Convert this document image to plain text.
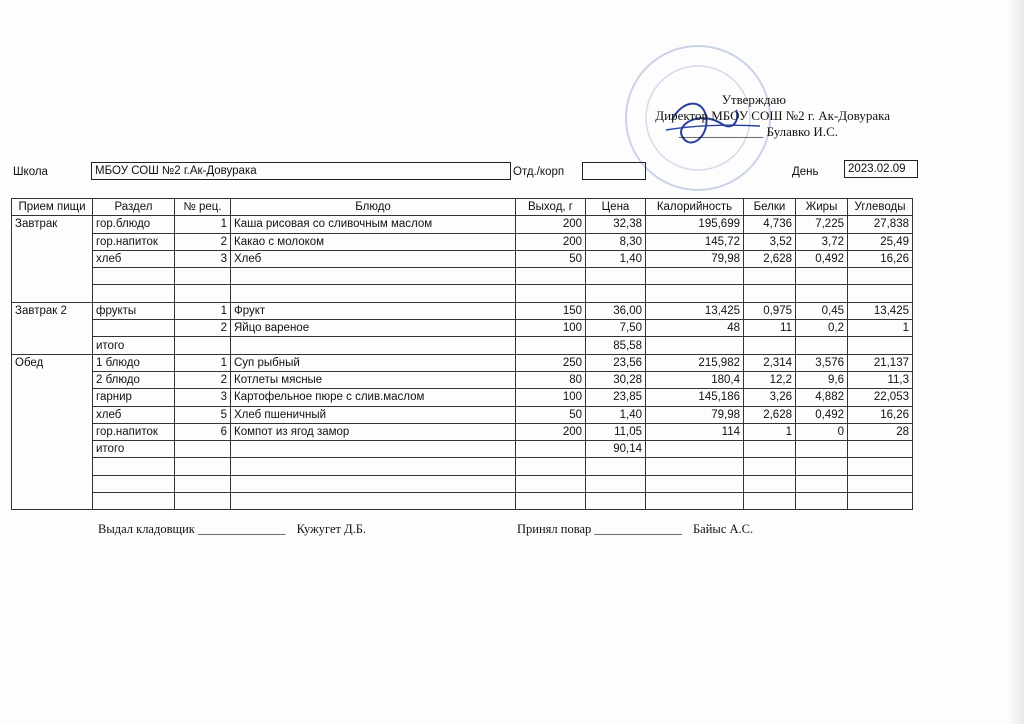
Утверждаю
Директор МБОУ СОШ №2 г. Ак-Довурака
_____________ Булавко И.С.
Школа	МБОУ СОШ №2 г.Ак-Довурака	Отд./корп	День	2023.02.09
Прием пищи	Раздел	№ рец.	Блюдо	Выход, г	Цена	Калорийность	Белки	Жиры	Углеводы
Завтрак	гор.блюдо	1	Каша рисовая со сливочным маслом	200	32,38	195,699	4,736	7,225	27,838
	гор.напиток	2	Какао с молоком	200	8,30	145,72	3,52	3,72	25,49
	хлеб	3	Хлеб	50	1,40	79,98	2,628	0,492	16,26

Завтрак 2	фрукты	1	Фрукт	150	36,00	13,425	0,975	0,45	13,425
		2	Яйцо вареное	100	7,50	48	11	0,2	1
	итого				85,58				
Обед	1 блюдо	1	Суп рыбный	250	23,56	215,982	2,314	3,576	21,137
	2 блюдо	2	Котлеты мясные	80	30,28	180,4	12,2	9,6	11,3
	гарнир	3	Картофельное пюре с слив.маслом	100	23,85	145,186	3,26	4,882	22,053
	хлеб	5	Хлеб пшеничный	50	1,40	79,98	2,628	0,492	16,26
	гор.напиток	6	Компот из ягод замор	200	11,05	114	1	0	28
	итого				90,14				

Выдал кладовщик ______________ Кужугет Д.Б.	Принял повар ______________ Байыс А.С.
